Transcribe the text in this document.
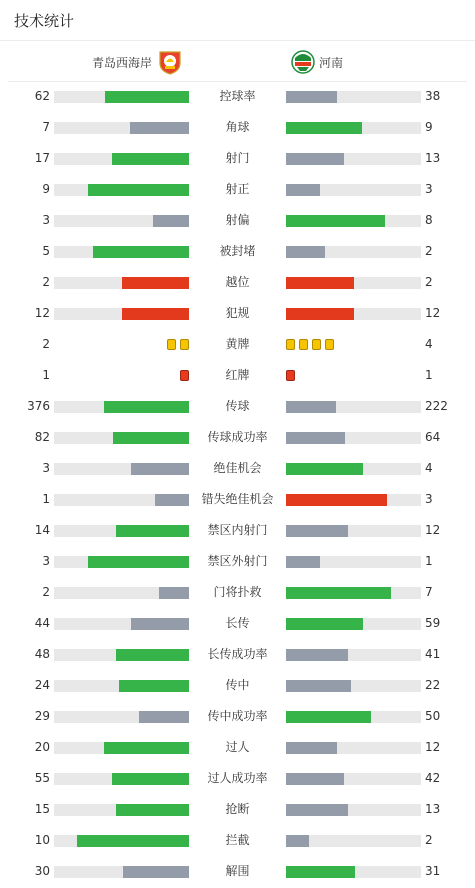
技术统计
青岛西海岸	河南
62	控球率	38
7	角球	9
17	射门	13
9	射正	3
3	射偏	8
5	被封堵	2
2	越位	2
12	犯规	12
2	黄牌	4
1	红牌	1
376	传球	222
82	传球成功率	64
3	绝佳机会	4
1	错失绝佳机会	3
14	禁区内射门	12
3	禁区外射门	1
2	门将扑救	7
44	长传	59
48	长传成功率	41
24	传中	22
29	传中成功率	50
20	过人	12
55	过人成功率	42
15	抢断	13
10	拦截	2
30	解围	31
